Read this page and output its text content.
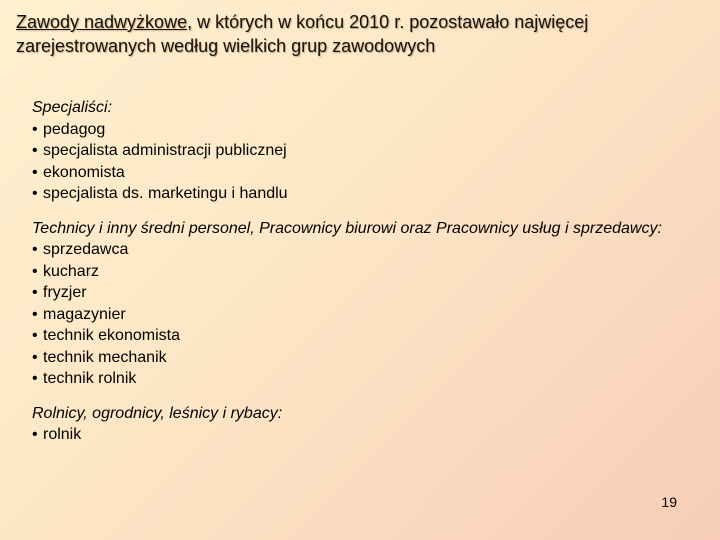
Zawody nadwyżkowe, w których w końcu 2010 r. pozostawało najwięcej zarejestrowanych według wielkich grup zawodowych

Specjaliści:

• pedagog
• specjalista administracji publicznej
• ekonomista
• specjalista ds. marketingu i handlu

Technicy i inny średni personel, Pracownicy biurowi oraz Pracownicy usług i sprzedawcy:

• sprzedawca
• kucharz
• fryzjer
• magazynier
• technik ekonomista
• technik mechanik
• technik rolnik

Rolnicy, ogrodnicy, leśnicy i rybacy:

• rolnik
19
